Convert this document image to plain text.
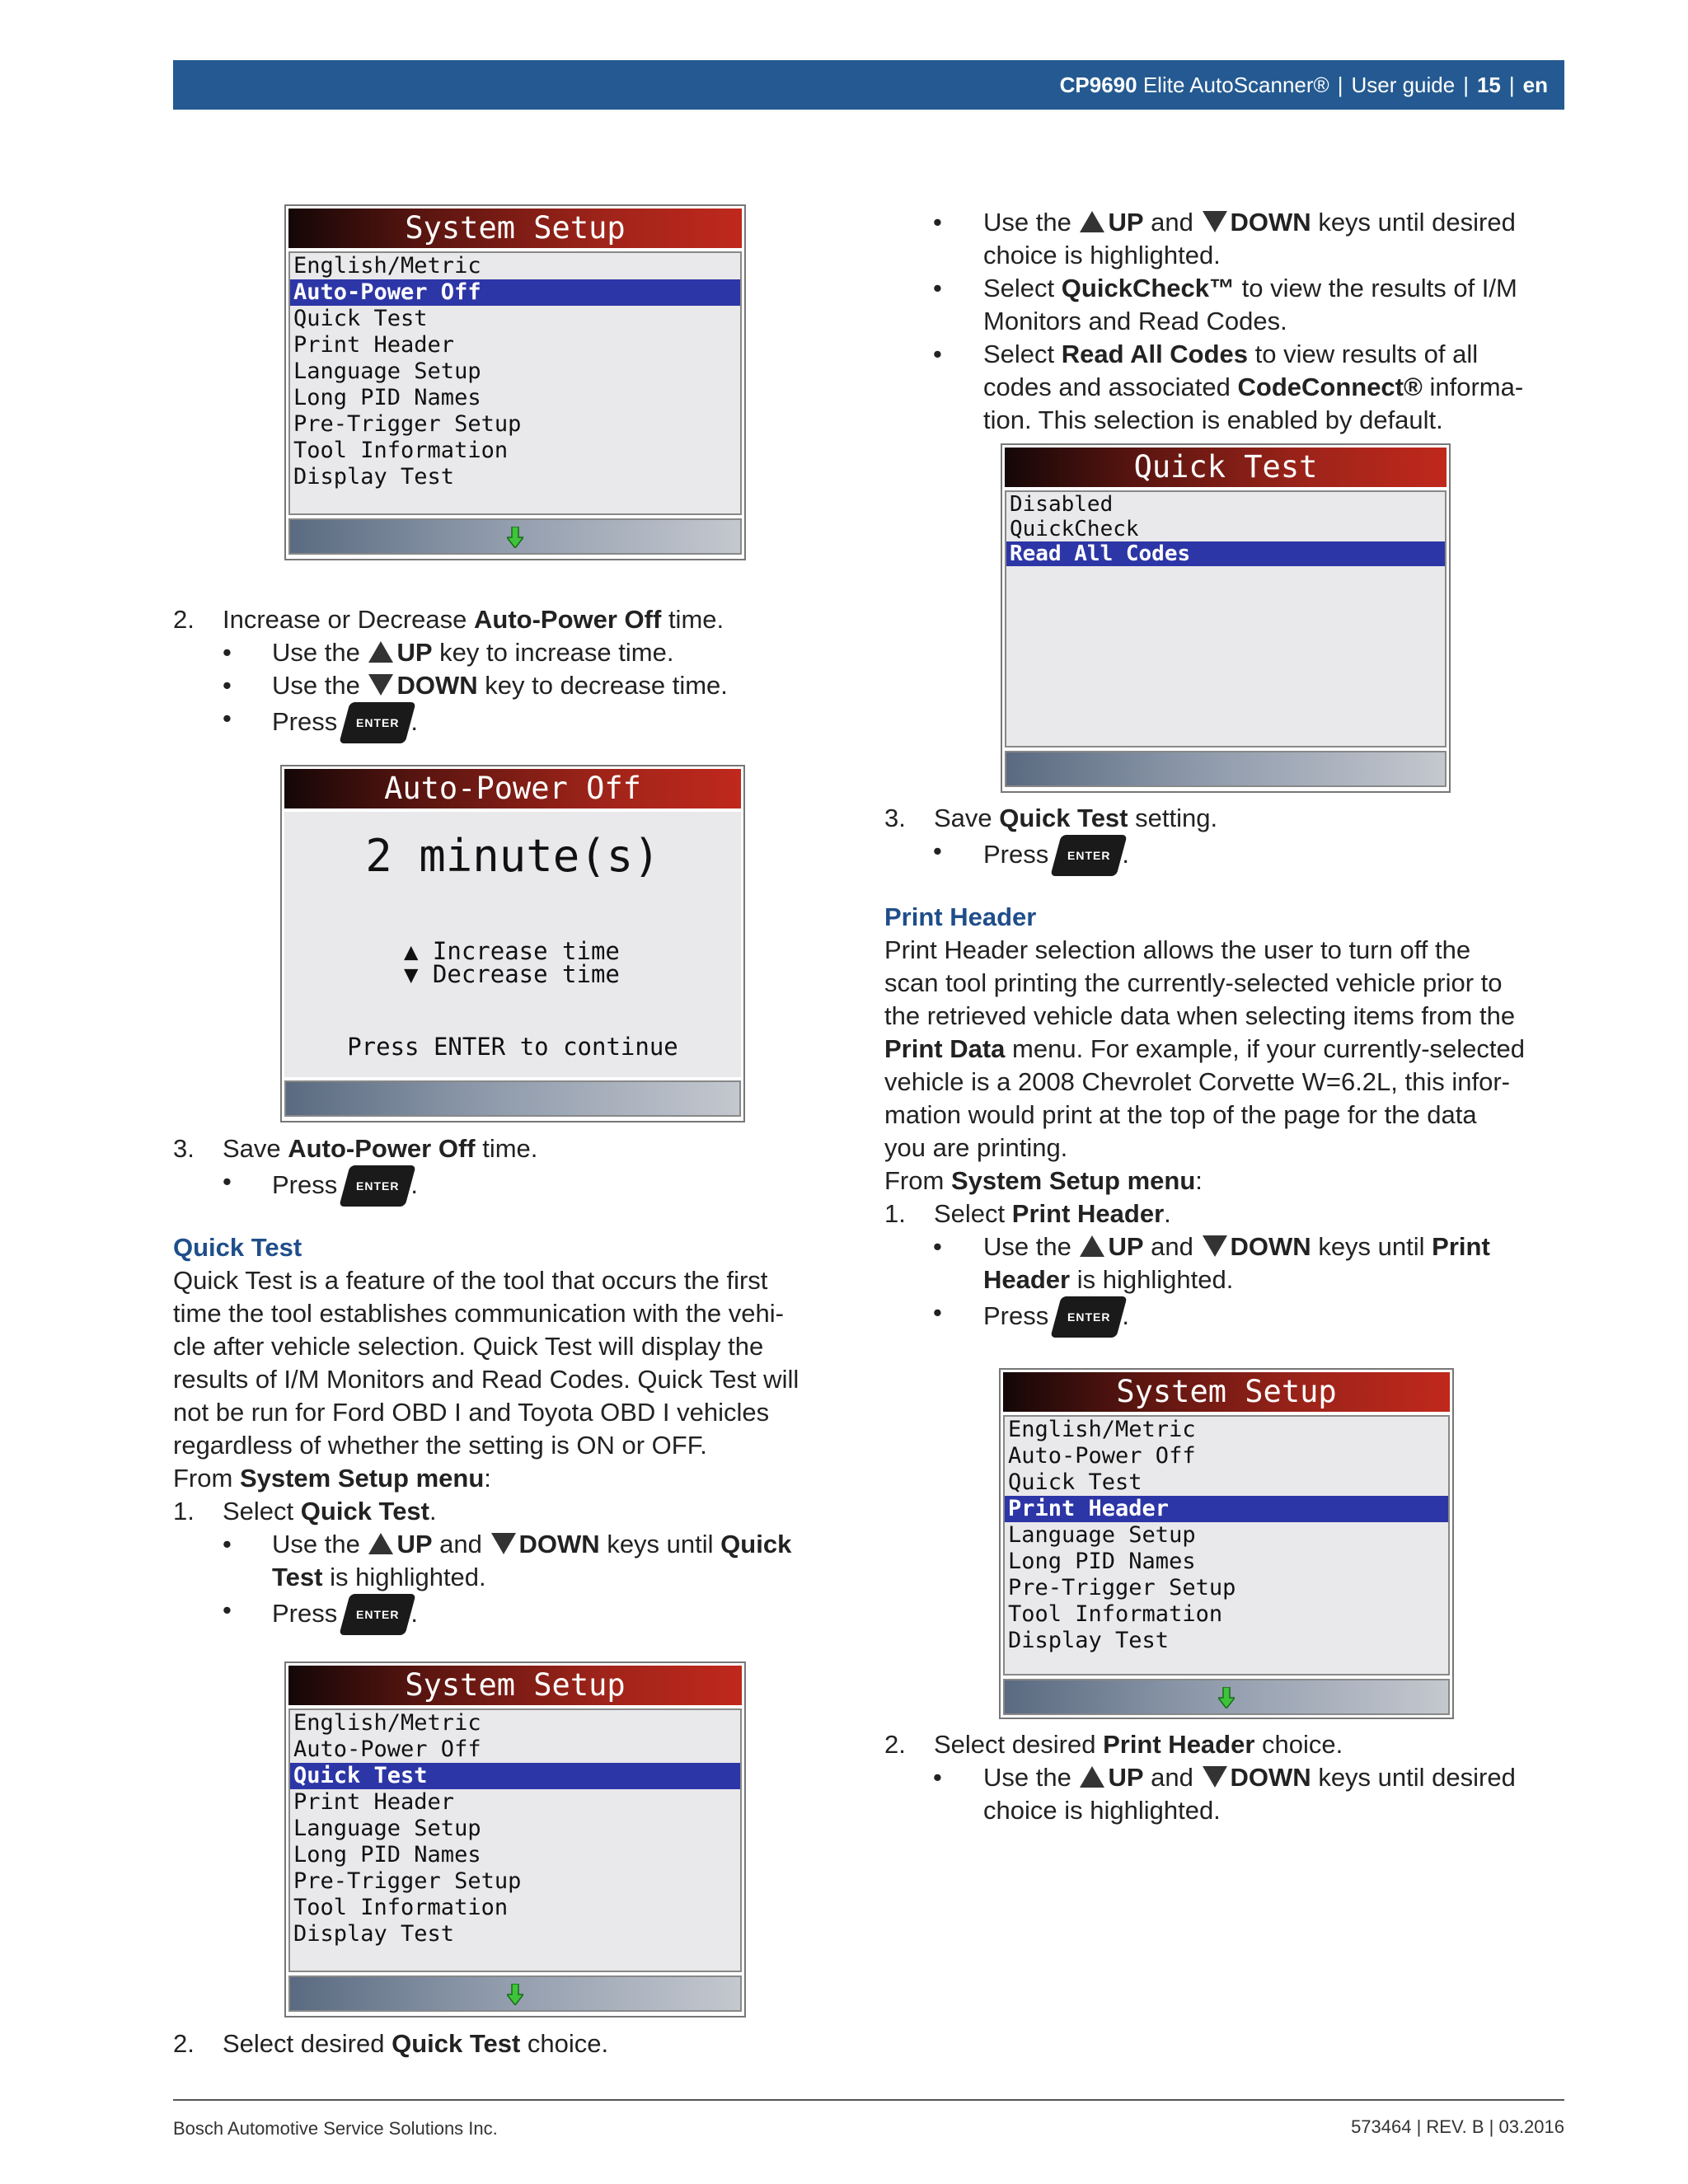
CP9690
Elite AutoScanner® | User guide | 15 | en
System Setup
English/Metric
Auto-Power Off
Quick Test
Print Header
Language Setup
Long PID Names
Pre-Trigger Setup
Tool Information
Display Test
2. Increase or Decrease Auto-Power Off time.
• Use the UP key to increase time.
• Use the DOWN key to decrease time.
• Press ENTER .
Auto-Power Off
2 minute(s)
▲ Increase time
▼ Decrease time
Press ENTER to continue
3. Save Auto-Power Off time.
• Press ENTER .
Quick Test
Quick Test is a feature of the tool that occurs the first
time the tool establishes communication with the vehi-
cle after vehicle selection. Quick Test will display the
results of I/M Monitors and Read Codes. Quick Test will
not be run for Ford OBD I and Toyota OBD I vehicles
regardless of whether the setting is ON or OFF.
From System Setup menu:
1. Select Quick Test.
• Use the UP and DOWN keys until Quick
Test is highlighted.
• Press ENTER .
System Setup
English/Metric
Auto-Power Off
Quick Test
Print Header
Language Setup
Long PID Names
Pre-Trigger Setup
Tool Information
Display Test
2. Select desired Quick Test choice.
• Use the UP and DOWN keys until desired
choice is highlighted.
• Select QuickCheck™ to view the results of I/M
Monitors and Read Codes.
• Select Read All Codes to view results of all
codes and associated CodeConnect® informa-
tion. This selection is enabled by default.
Quick Test
Disabled
QuickCheck
Read All Codes
3. Save Quick Test setting.
• Press ENTER .
Print Header
Print Header selection allows the user to turn off the
scan tool printing the currently-selected vehicle prior to
the retrieved vehicle data when selecting items from the
Print Data menu. For example, if your currently-selected
vehicle is a 2008 Chevrolet Corvette W=6.2L, this infor-
mation would print at the top of the page for the data
you are printing.
From System Setup menu:
1. Select Print Header.
• Use the UP and DOWN keys until Print
Header is highlighted.
• Press ENTER .
System Setup
English/Metric
Auto-Power Off
Quick Test
Print Header
Language Setup
Long PID Names
Pre-Trigger Setup
Tool Information
Display Test
2. Select desired Print Header choice.
• Use the UP and DOWN keys until desired
choice is highlighted.
Bosch Automotive Service Solutions Inc.	573464 | REV. B | 03.2016
